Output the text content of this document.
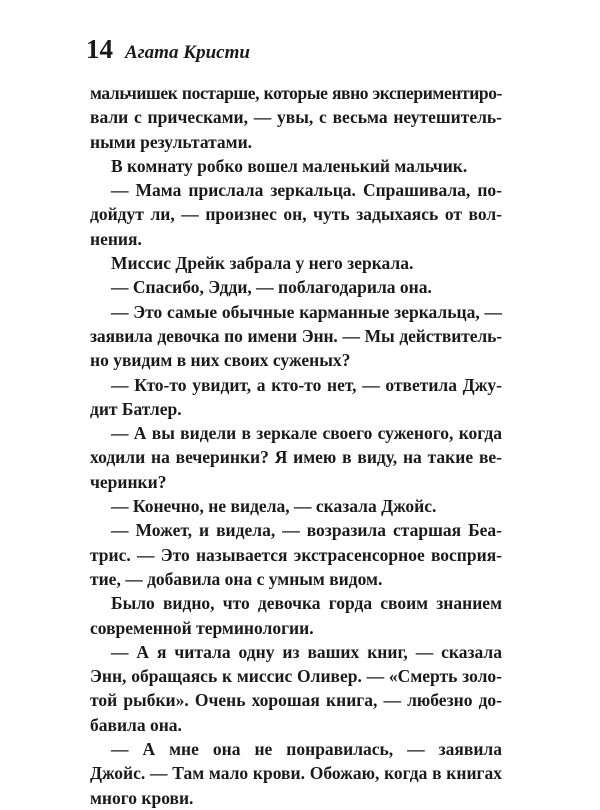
14 Агата Кристи
мальчишек постарше, которые явно экспериментиро-
вали с прическами, — увы, с весьма неутешитель-
ными результатами.
В комнату робко вошел маленький мальчик.
— Мама прислала зеркальца. Спрашивала, по-
дойдут ли, — произнес он, чуть задыхаясь от вол-
нения.
Миссис Дрейк забрала у него зеркала.
— Спасибо, Эдди, — поблагодарила она.
— Это самые обычные карманные зеркальца, —
заявила девочка по имени Энн. — Мы действитель-
но увидим в них своих суженых?
— Кто-то увидит, а кто-то нет, — ответила Джу-
дит Батлер.
— А вы видели в зеркале своего суженого, когда
ходили на вечеринки? Я имею в виду, на такие ве-
черинки?
— Конечно, не видела, — сказала Джойс.
— Может, и видела, — возразила старшая Беа-
трис. — Это называется экстрасенсорное восприя-
тие, — добавила она с умным видом.
Было видно, что девочка горда своим знанием
современной терминологии.
— А я читала одну из ваших книг, — сказала
Энн, обращаясь к миссис Оливер. — «Смерть золо-
той рыбки». Очень хорошая книга, — любезно до-
бавила она.
— А мне она не понравилась, — заявила
Джойс. — Там мало крови. Обожаю, когда в книгах
много крови.
